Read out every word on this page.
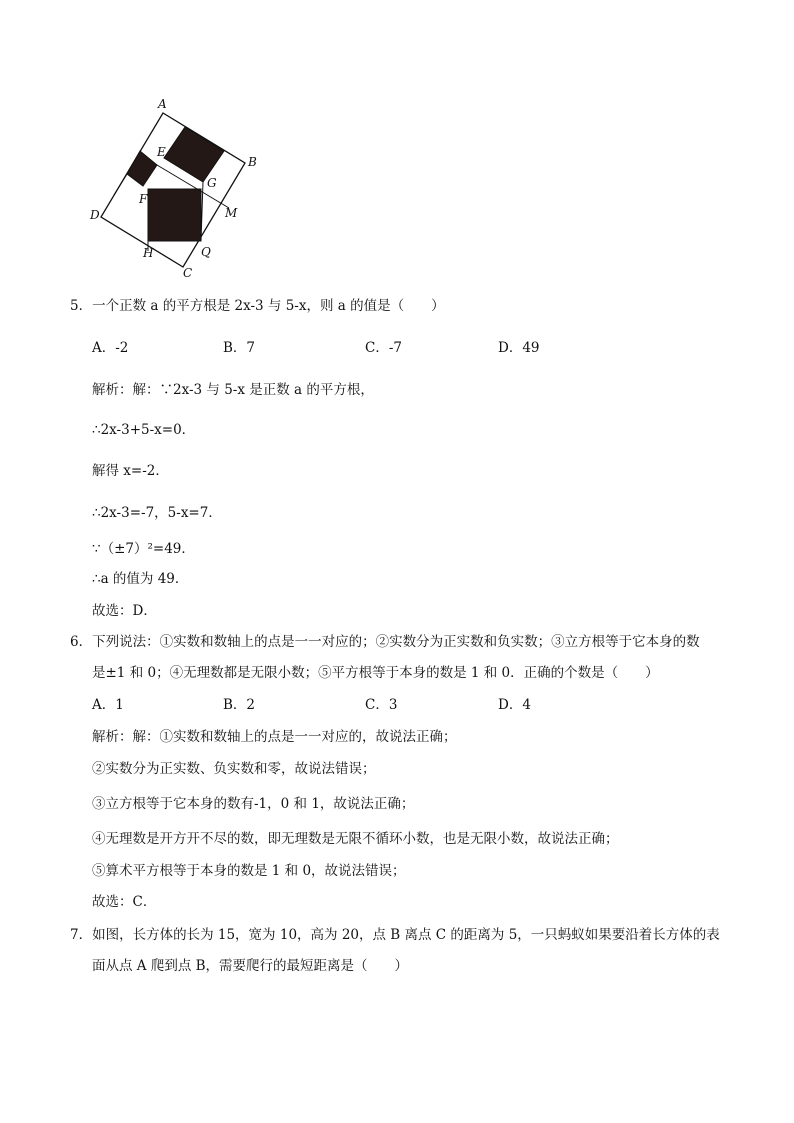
A
B
E
G
F
D	M
H	Q
C
5．一个正数 a 的平方根是 2x-3 与 5-x，则 a 的值是（　　）
A．-2	B．7	C．-7	D．49
解析：解：∵2x-3 与 5-x 是正数 a 的平方根，
∴2x-3+5-x=0．
解得 x=-2．
∴2x-3=-7，5-x=7．
∵（±7）²=49．
∴a 的值为 49．
故选：D．
6．下列说法：①实数和数轴上的点是一一对应的；②实数分为正实数和负实数；③立方根等于它本身的数
是±1 和 0；④无理数都是无限小数；⑤平方根等于本身的数是 1 和 0．正确的个数是（　　）
A．1	B．2	C．3	D．4
解析：解：①实数和数轴上的点是一一对应的，故说法正确；
②实数分为正实数、负实数和零，故说法错误；
③立方根等于它本身的数有-1，0 和 1，故说法正确；
④无理数是开方开不尽的数，即无理数是无限不循环小数，也是无限小数，故说法正确；
⑤算术平方根等于本身的数是 1 和 0，故说法错误；
故选：C．
7．如图，长方体的长为 15，宽为 10，高为 20，点 B 离点 C 的距离为 5，一只蚂蚁如果要沿着长方体的表
面从点 A 爬到点 B，需要爬行的最短距离是（　　）
